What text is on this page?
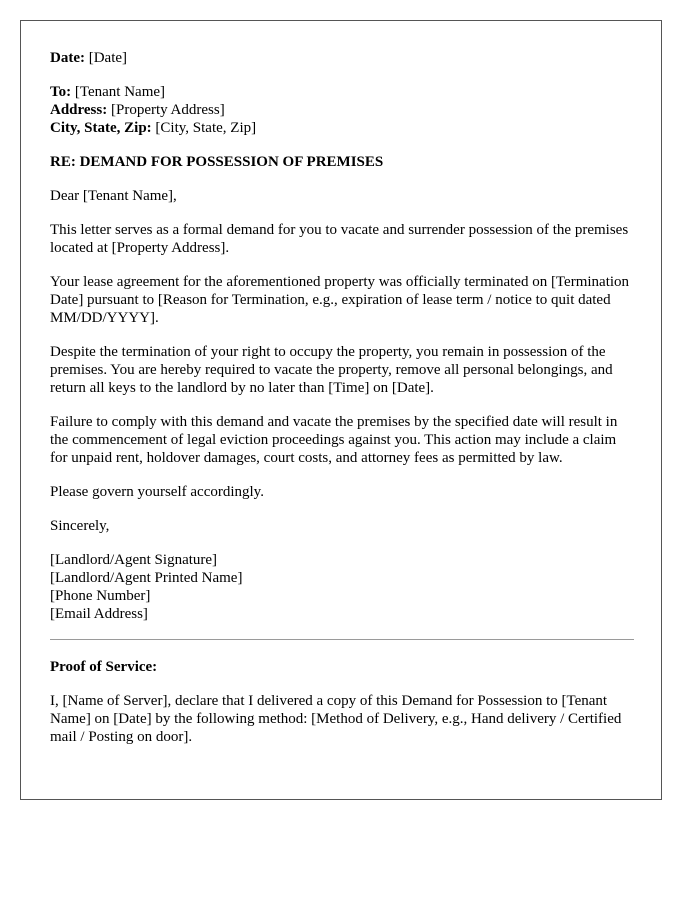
Date: [Date]
To: [Tenant Name]
Address: [Property Address]
City, State, Zip: [City, State, Zip]
RE: DEMAND FOR POSSESSION OF PREMISES
Dear [Tenant Name],

This letter serves as a formal demand for you to vacate and surrender possession of the premises located at [Property Address].

Your lease agreement for the aforementioned property was officially terminated on [Termination Date] pursuant to [Reason for Termination, e.g., expiration of lease term / notice to quit dated MM/DD/YYYY].

Despite the termination of your right to occupy the property, you remain in possession of the premises. You are hereby required to vacate the property, remove all personal belongings, and return all keys to the landlord by no later than [Time] on [Date].

Failure to comply with this demand and vacate the premises by the specified date will result in the commencement of legal eviction proceedings against you. This action may include a claim for unpaid rent, holdover damages, court costs, and attorney fees as permitted by law.

Please govern yourself accordingly.

Sincerely,
[Landlord/Agent Signature]
[Landlord/Agent Printed Name]
[Phone Number]
[Email Address]
Proof of Service:

I, [Name of Server], declare that I delivered a copy of this Demand for Possession to [Tenant Name] on [Date] by the following method: [Method of Delivery, e.g., Hand delivery / Certified mail / Posting on door].
